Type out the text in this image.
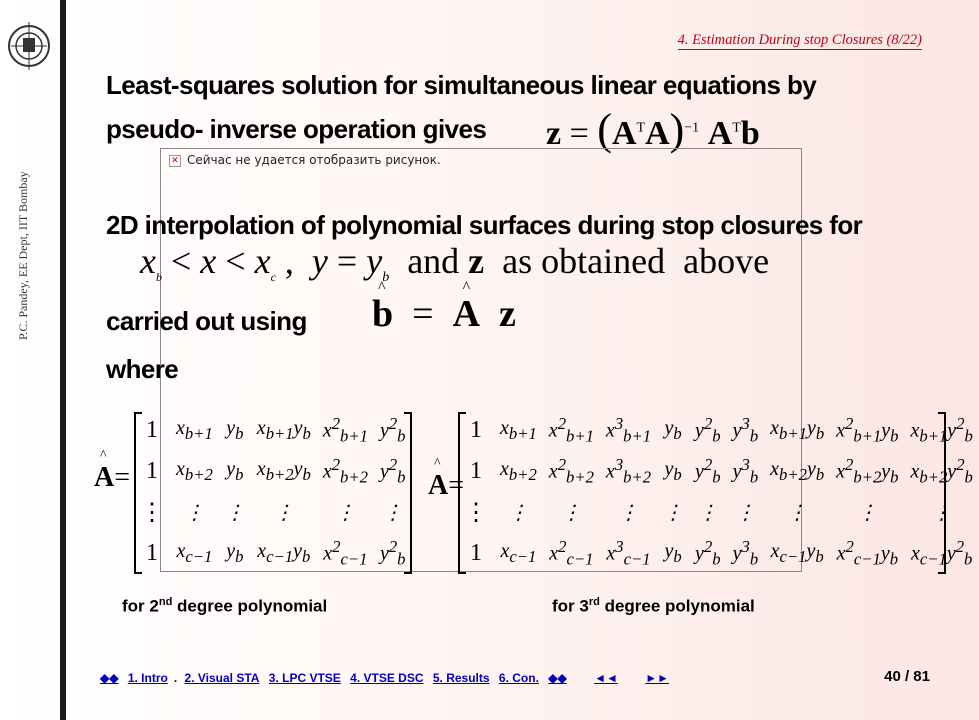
P.C. Pandey, EE Dept, IIT Bombay
4. Estimation During stop Closures (8/22)
Least-squares solution for simultaneous linear equations by
pseudo- inverse operation gives $z = (A^TA)^{-1}$ $A^Tb$
✕ Сейчас не удается отобразить рисунок.
2D interpolation of polynomial surfaces during stop closures for
$x_b < x < x_c$ ,  $y = y_b$  and z  as obtained  above
carried out using
^
b  =
^
A z
where
^
A=
1	$x_{b+1}$	$y_b$	$x_{b+1}y_b$	$x^2_{b+1}$	$y^2_b$
1	$x_{b+2}$	$y_b$	$x_{b+2}y_b$	$x^2_{b+2}$	$y^2_b$
⋮	⋮	⋮	⋮	⋮	⋮
1	$x_{c-1}$	$y_b$	$x_{c-1}y_b$	$x^2_{c-1}$	$y^2_b$
^
A=
1	$x_{b+1}$	$x^2_{b+1}$	$x^3_{b+1}$	$y_b$	$y^2_b$	$y^3_b$	$x_{b+1}y_b$	$x^2_{b+1}y_b$	$x_{b+1}y^2_b$
1	$x_{b+2}$	$x^2_{b+2}$	$x^3_{b+2}$	$y_b$	$y^2_b$	$y^3_b$	$x_{b+2}y_b$	$x^2_{b+2}y_b$	$x_{b+2}y^2_b$
⋮	⋮	⋮	⋮	⋮	⋮	⋮	⋮	⋮	⋮
1	$x_{c-1}$	$x^2_{c-1}$	$x^3_{c-1}$	$y_b$	$y^2_b$	$y^3_b$	$x_{c-1}y_b$	$x^2_{c-1}y_b$	$x_{c-1}y^2_b$
for 2nd degree polynomial	for 3rd degree polynomial
◆◆ 1. Intro . 2. Visual STA 3. LPC VTSE 4. VTSE DSC 5. Results 6. Con. ◆◆ ◄◄ ►►	40 / 81
